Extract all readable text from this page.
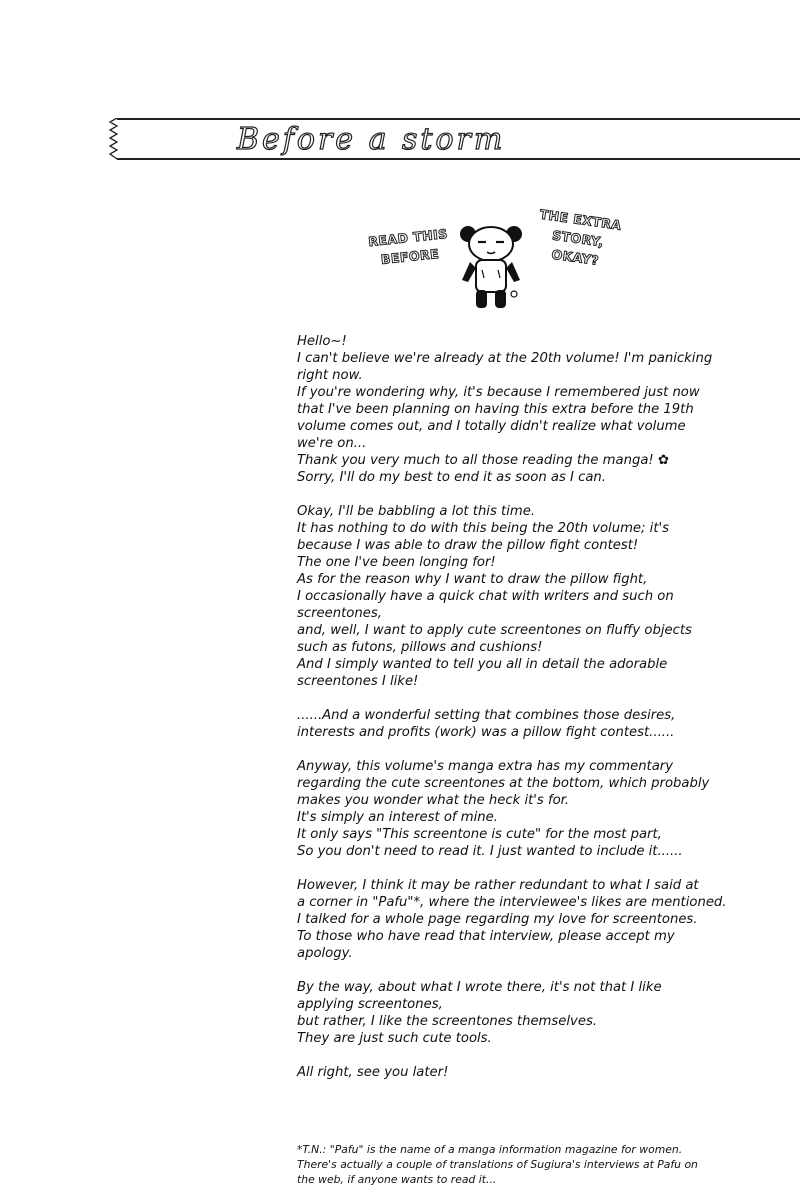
Before a storm
READ THIS
BEFORE
THE EXTRA
STORY,
OKAY?
Hello~!
I can't believe we're already at the 20th volume! I'm panicking
right now.
If you're wondering why, it's because I remembered just now
that I've been planning on having this extra before the 19th
volume comes out, and I totally didn't realize what volume
we're on...
Thank you very much to all those reading the manga! ✿
Sorry, I'll do my best to end it as soon as I can.
Okay, I'll be babbling a lot this time.
It has nothing to do with this being the 20th volume; it's
because I was able to draw the pillow fight contest!
The one I've been longing for!
As for the reason why I want to draw the pillow fight,
I occasionally have a quick chat with writers and such on
screentones,
and, well, I want to apply cute screentones on fluffy objects
such as futons, pillows and cushions!
And I simply wanted to tell you all in detail the adorable
screentones I like!
......And a wonderful setting that combines those desires,
interests and profits (work) was a pillow fight contest......
Anyway, this volume's manga extra has my commentary
regarding the cute screentones at the bottom, which probably
makes you wonder what the heck it's for.
It's simply an interest of mine.
It only says "This screentone is cute" for the most part,
So you don't need to read it. I just wanted to include it......
However, I think it may be rather redundant to what I said at
a corner in "Pafu"*, where the interviewee's likes are mentioned.
I talked for a whole page regarding my love for screentones.
To those who have read that interview, please accept my
apology.
By the way, about what I wrote there, it's not that I like
applying screentones,
but rather, I like the screentones themselves.
They are just such cute tools.
All right, see you later!
*T.N.: "Pafu" is the name of a manga information magazine for women.
There's actually a couple of translations of Sugiura's interviews at Pafu on
the web, if anyone wants to read it...
